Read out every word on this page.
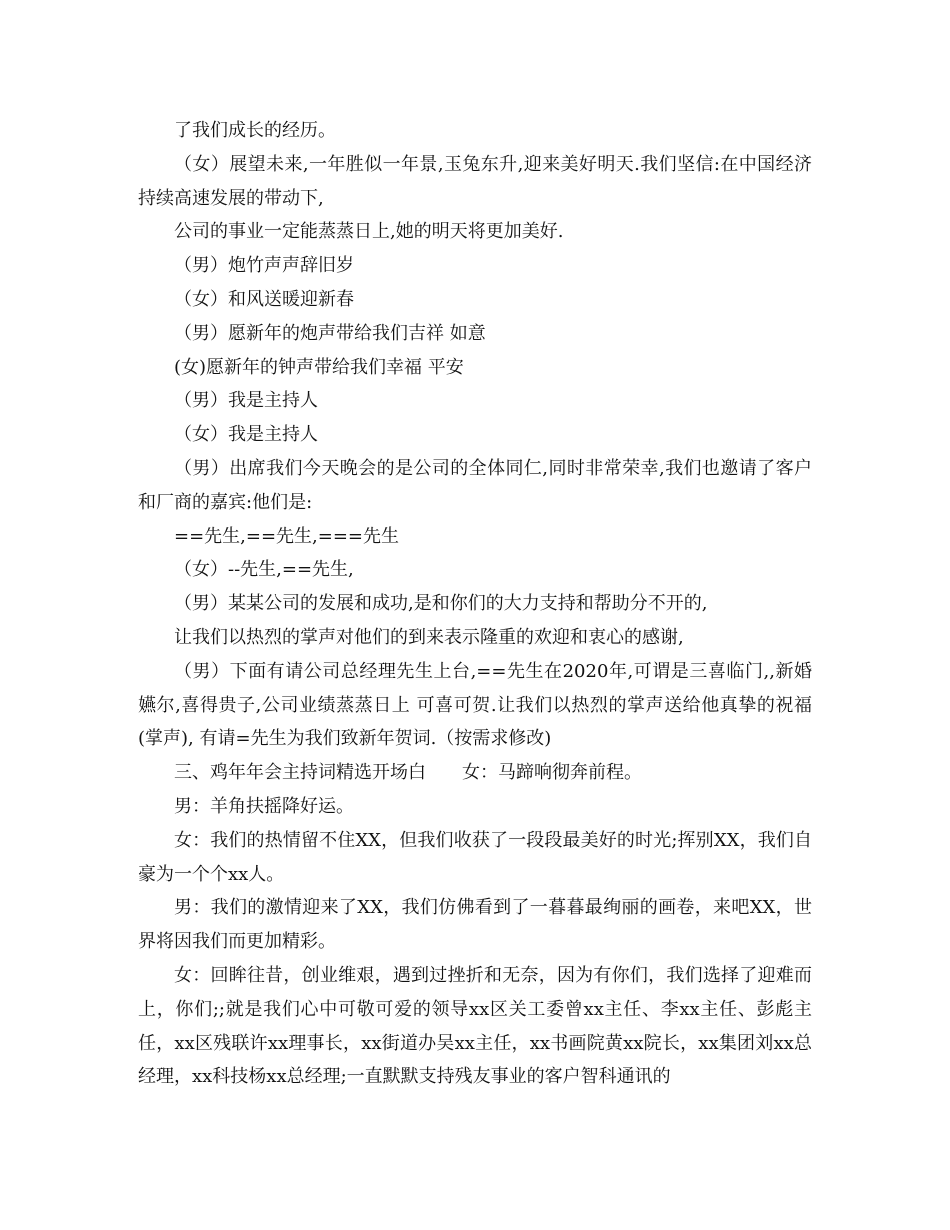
了我们成长的经历。

（女）展望未来,一年胜似一年景,玉兔东升,迎来美好明天.我们坚信:在中国经济持续高速发展的带动下,

公司的事业一定能蒸蒸日上,她的明天将更加美好.

（男）炮竹声声辞旧岁

（女）和风送暖迎新春

（男）愿新年的炮声带给我们吉祥 如意

(女)愿新年的钟声带给我们幸福 平安

（男）我是主持人

（女）我是主持人

（男）出席我们今天晚会的是公司的全体同仁,同时非常荣幸,我们也邀请了客户和厂商的嘉宾:他们是:

==先生,==先生,===先生

（女）--先生,==先生,

（男）某某公司的发展和成功,是和你们的大力支持和帮助分不开的,

让我们以热烈的掌声对他们的到来表示隆重的欢迎和衷心的感谢,

（男）下面有请公司总经理先生上台,==先生在2020年,可谓是三喜临门,,新婚嬿尔,喜得贵子,公司业绩蒸蒸日上 可喜可贺.让我们以热烈的掌声送给他真挚的祝福(掌声), 有请=先生为我们致新年贺词.（按需求修改)

三、鸡年年会主持词精选开场白　　女：马蹄响彻奔前程。

男：羊角扶摇降好运。

女：我们的热情留不住XX，但我们收获了一段段最美好的时光;挥别XX，我们自豪为一个个xx人。

男：我们的激情迎来了XX，我们仿佛看到了一暮暮最绚丽的画卷，来吧XX，世界将因我们而更加精彩。

女：回眸往昔，创业维艰，遇到过挫折和无奈，因为有你们，我们选择了迎难而上，你们;;就是我们心中可敬可爱的领导xx区关工委曾xx主任、李xx主任、彭彪主任，xx区残联许xx理事长，xx街道办吴xx主任，xx书画院黄xx院长，xx集团刘xx总经理，xx科技杨xx总经理;一直默默支持残友事业的客户智科通讯的
